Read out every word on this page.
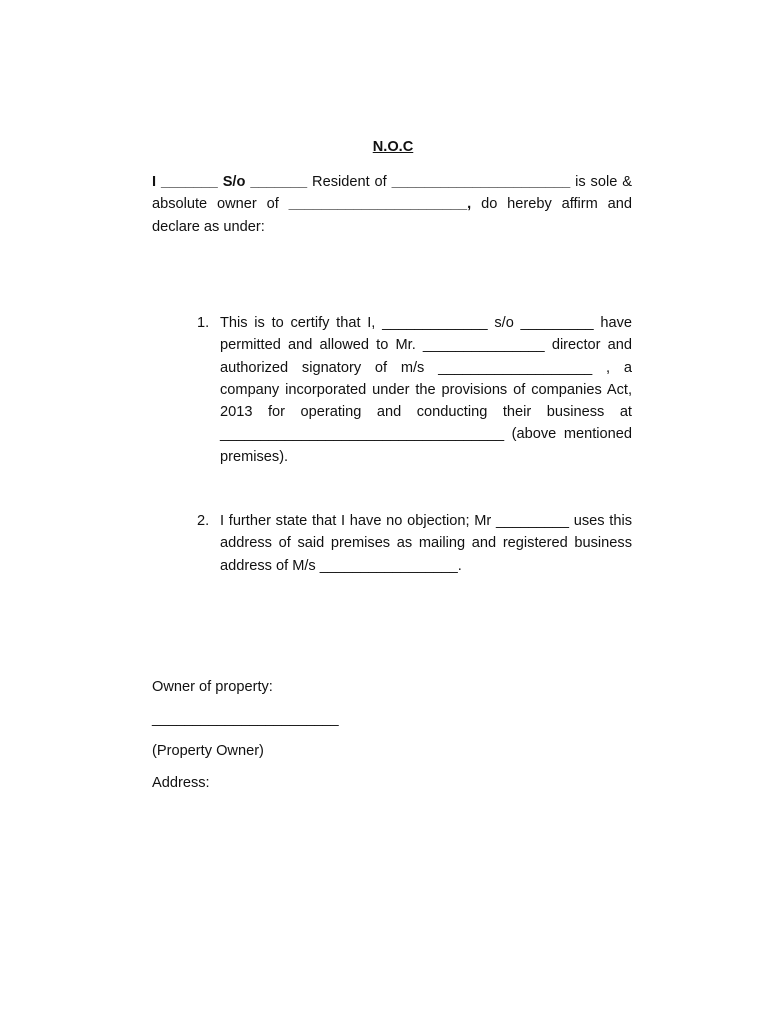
N.O.C

I _______ S/o _______ Resident of ______________________ is sole & absolute owner of ______________________, do hereby affirm and declare as under:

1. This is to certify that I, _____________ s/o _________ have permitted and allowed to Mr. _______________ director and authorized signatory of m/s ___________________ , a company incorporated under the provisions of companies Act, 2013 for operating and conducting their business at ___________________________________ (above mentioned premises).

2. I further state that I have no objection; Mr _________ uses this address of said premises as mailing and registered business address of M/s _________________.

Owner of property:

_______________________

(Property Owner)

Address:
